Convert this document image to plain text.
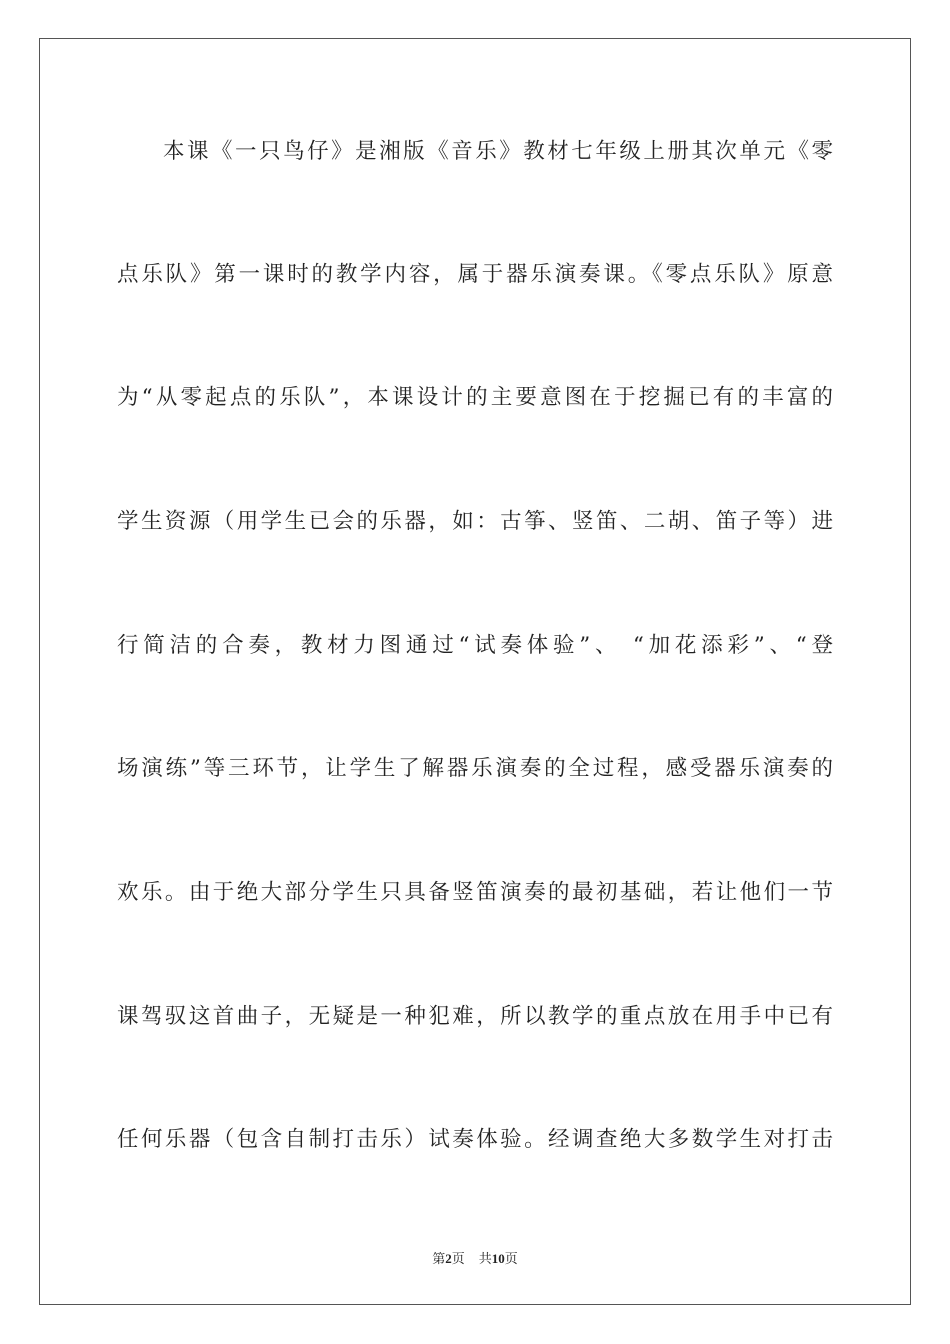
本课《一只鸟仔》是湘版《音乐》教材七年级上册其次单元《零
点乐队》第一课时的教学内容，属于器乐演奏课。《零点乐队》原意
为“从零起点的乐队”，本课设计的主要意图在于挖掘已有的丰富的
学生资源（用学生已会的乐器，如：古筝、竖笛、二胡、笛子等）进
行简洁的合奏，教材力图通过“试奏体验”、 “加花添彩”、“登
场演练”等三环节，让学生了解器乐演奏的全过程，感受器乐演奏的
欢乐。由于绝大部分学生只具备竖笛演奏的最初基础，若让他们一节
课驾驭这首曲子，无疑是一种犯难，所以教学的重点放在用手中已有
任何乐器（包含自制打击乐）试奏体验。经调查绝大多数学生对打击
第2页 共10页
